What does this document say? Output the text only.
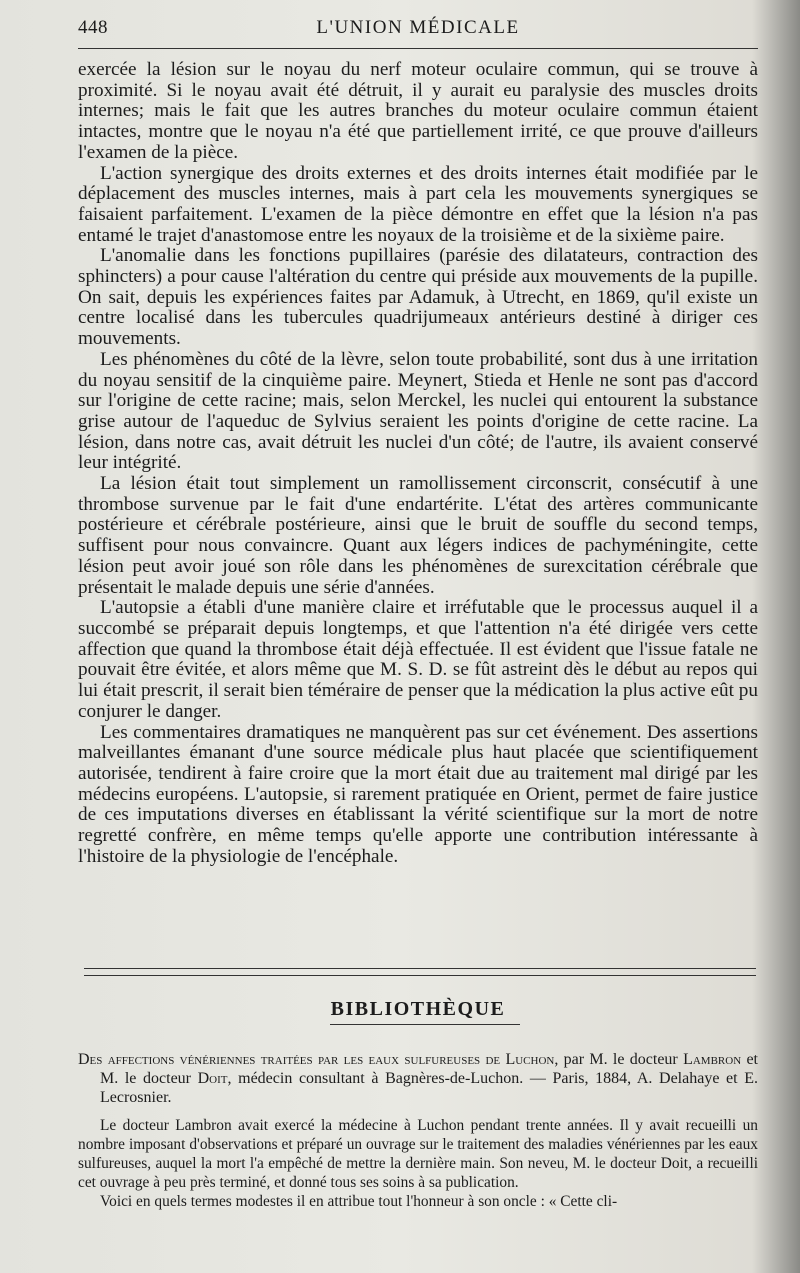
448	L'UNION MÉDICALE

exercée la lésion sur le noyau du nerf moteur oculaire commun, qui se trouve à proximité. Si le noyau avait été détruit, il y aurait eu paralysie des muscles droits internes; mais le fait que les autres branches du moteur oculaire commun étaient intactes, montre que le noyau n'a été que partiellement irrité, ce que prouve d'ailleurs l'examen de la pièce.

L'action synergique des droits externes et des droits internes était modifiée par le déplacement des muscles internes, mais à part cela les mouvements synergiques se faisaient parfaitement. L'examen de la pièce démontre en effet que la lésion n'a pas entamé le trajet d'anastomose entre les noyaux de la troisième et de la sixième paire.

L'anomalie dans les fonctions pupillaires (parésie des dilatateurs, contraction des sphincters) a pour cause l'altération du centre qui préside aux mouvements de la pupille. On sait, depuis les expériences faites par Adamuk, à Utrecht, en 1869, qu'il existe un centre localisé dans les tubercules quadrijumeaux antérieurs destiné à diriger ces mouvements.

Les phénomènes du côté de la lèvre, selon toute probabilité, sont dus à une irritation du noyau sensitif de la cinquième paire. Meynert, Stieda et Henle ne sont pas d'accord sur l'origine de cette racine; mais, selon Merckel, les nuclei qui entourent la substance grise autour de l'aqueduc de Sylvius seraient les points d'origine de cette racine. La lésion, dans notre cas, avait détruit les nuclei d'un côté; de l'autre, ils avaient conservé leur intégrité.

La lésion était tout simplement un ramollissement circonscrit, consécutif à une thrombose survenue par le fait d'une endartérite. L'état des artères communicante postérieure et cérébrale postérieure, ainsi que le bruit de souffle du second temps, suffisent pour nous convaincre. Quant aux légers indices de pachyméningite, cette lésion peut avoir joué son rôle dans les phénomènes de surexcitation cérébrale que présentait le malade depuis une série d'années.

L'autopsie a établi d'une manière claire et irréfutable que le processus auquel il a succombé se préparait depuis longtemps, et que l'attention n'a été dirigée vers cette affection que quand la thrombose était déjà effectuée. Il est évident que l'issue fatale ne pouvait être évitée, et alors même que M. S. D. se fût astreint dès le début au repos qui lui était prescrit, il serait bien téméraire de penser que la médication la plus active eût pu conjurer le danger.

Les commentaires dramatiques ne manquèrent pas sur cet événement. Des assertions malveillantes émanant d'une source médicale plus haut placée que scientifiquement autorisée, tendirent à faire croire que la mort était due au traitement mal dirigé par les médecins européens. L'autopsie, si rarement pratiquée en Orient, permet de faire justice de ces imputations diverses en établissant la vérité scientifique sur la mort de notre regretté confrère, en même temps qu'elle apporte une contribution intéressante à l'histoire de la physiologie de l'encéphale.

BIBLIOTHÈQUE
Des affections vénériennes traitées par les eaux sulfureuses de Luchon, par M. le docteur Lambron et M. le docteur Doit, médecin consultant à Bagnères-de-Luchon. — Paris, 1884, A. Delahaye et E. Lecrosnier.

Le docteur Lambron avait exercé la médecine à Luchon pendant trente années. Il y avait recueilli un nombre imposant d'observations et préparé un ouvrage sur le traitement des maladies vénériennes par les eaux sulfureuses, auquel la mort l'a empêché de mettre la dernière main. Son neveu, M. le docteur Doit, a recueilli cet ouvrage à peu près terminé, et donné tous ses soins à sa publication.

Voici en quels termes modestes il en attribue tout l'honneur à son oncle : « Cette cli-
